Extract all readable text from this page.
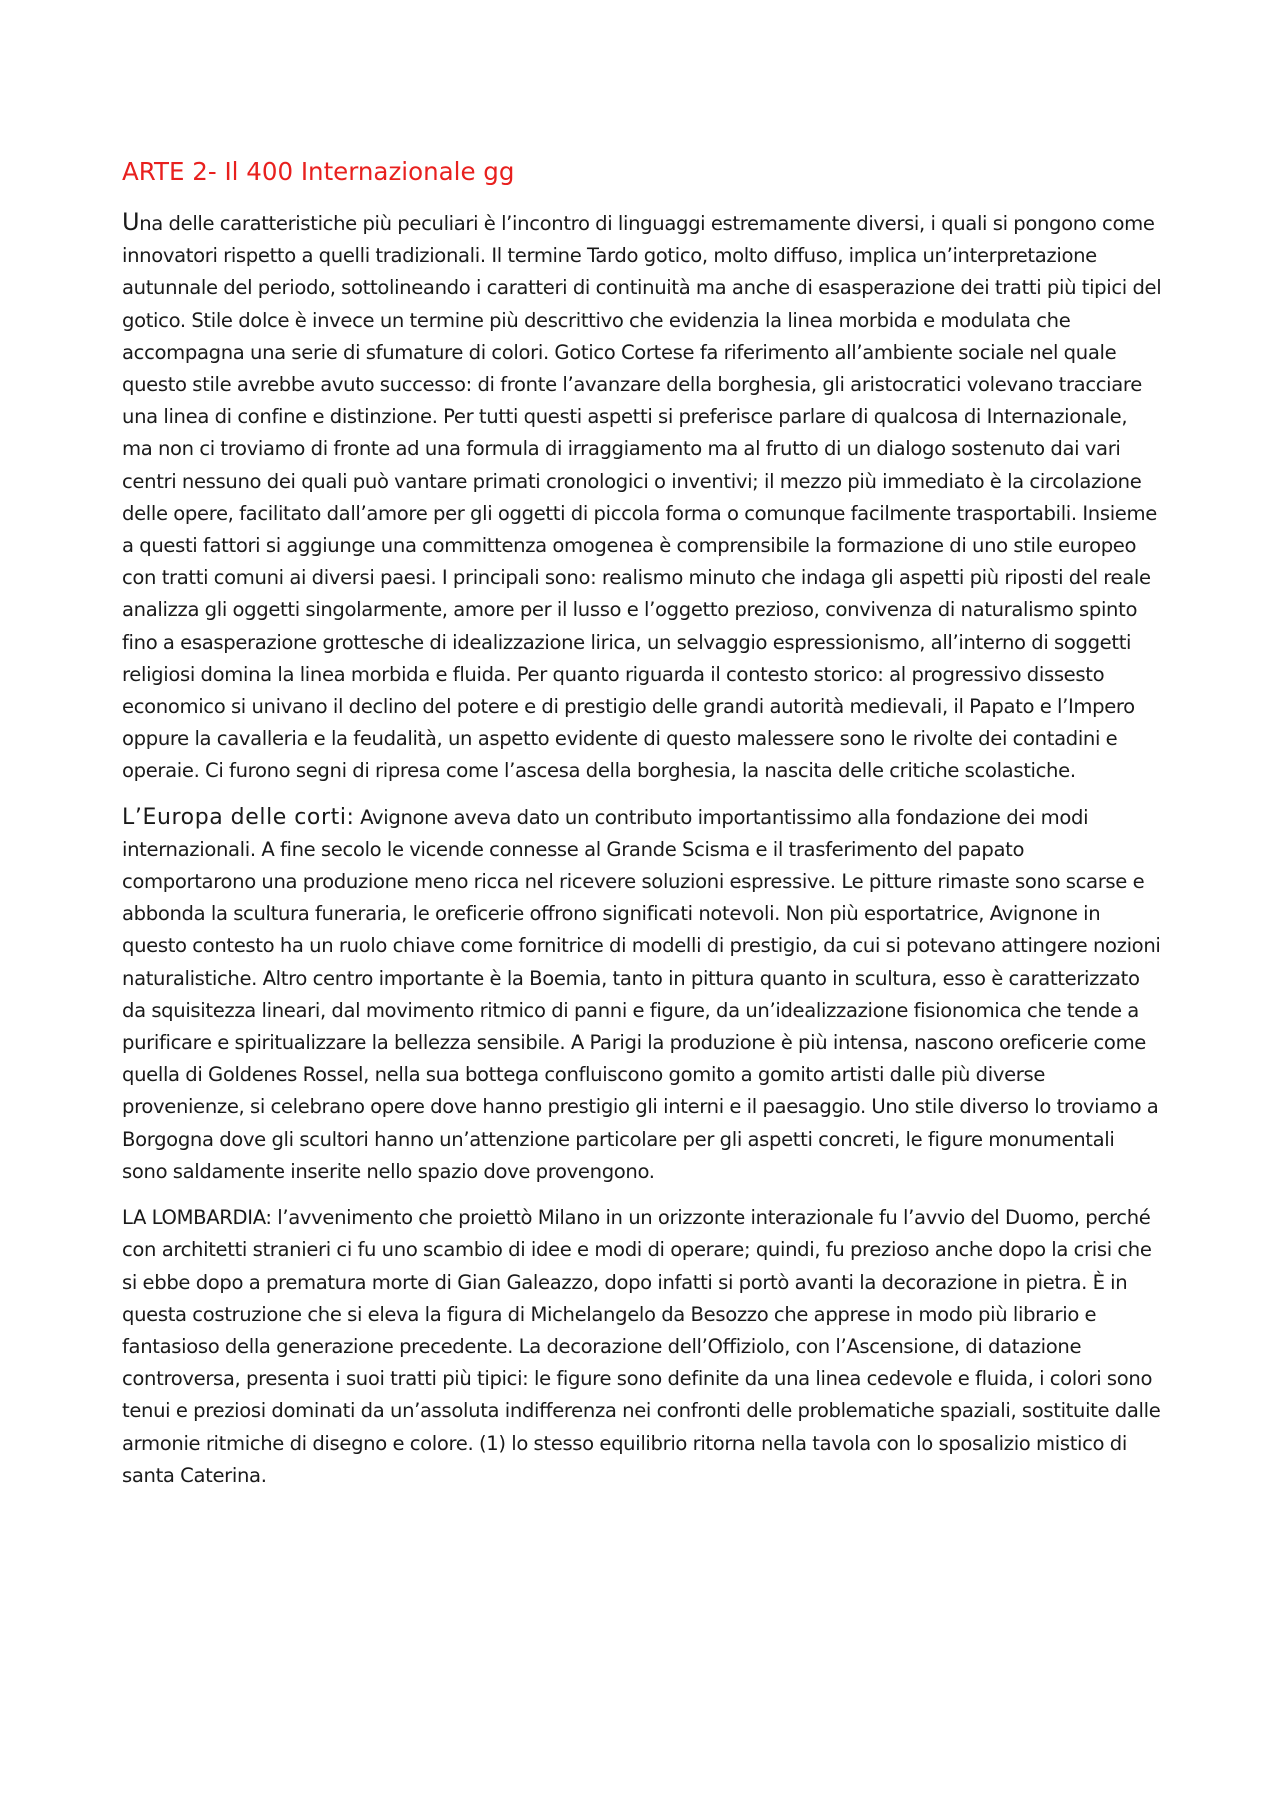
ARTE 2- Il 400 Internazionale gg

Una delle caratteristiche più peculiari è l’incontro di linguaggi estremamente diversi, i quali si pongono come innovatori rispetto a quelli tradizionali. Il termine Tardo gotico, molto diffuso, implica un’interpretazione autunnale del periodo, sottolineando i caratteri di continuità ma anche di esasperazione dei tratti più tipici del gotico. Stile dolce è invece un termine più descrittivo che evidenzia la linea morbida e modulata che accompagna una serie di sfumature di colori. Gotico Cortese fa riferimento all’ambiente sociale nel quale questo stile avrebbe avuto successo: di fronte l’avanzare della borghesia, gli aristocratici volevano tracciare una linea di confine e distinzione. Per tutti questi aspetti si preferisce parlare di qualcosa di Internazionale, ma non ci troviamo di fronte ad una formula di irraggiamento ma al frutto di un dialogo sostenuto dai vari centri nessuno dei quali può vantare primati cronologici o inventivi; il mezzo più immediato è la circolazione delle opere, facilitato dall’amore per gli oggetti di piccola forma o comunque facilmente trasportabili. Insieme a questi fattori si aggiunge una committenza omogenea è comprensibile la formazione di uno stile europeo con tratti comuni ai diversi paesi. I principali sono: realismo minuto che indaga gli aspetti più riposti del reale analizza gli oggetti singolarmente, amore per il lusso e l’oggetto prezioso, convivenza di naturalismo spinto fino a esasperazione grottesche di idealizzazione lirica, un selvaggio espressionismo, all’interno di soggetti religiosi domina la linea morbida e fluida. Per quanto riguarda il contesto storico: al progressivo dissesto economico si univano il declino del potere e di prestigio delle grandi autorità medievali, il Papato e l’Impero oppure la cavalleria e la feudalità, un aspetto evidente di questo malessere sono le rivolte dei contadini e operaie. Ci furono segni di ripresa come l’ascesa della borghesia, la nascita delle critiche scolastiche.

L’Europa delle corti: Avignone aveva dato un contributo importantissimo alla fondazione dei modi internazionali. A fine secolo le vicende connesse al Grande Scisma e il trasferimento del papato comportarono una produzione meno ricca nel ricevere soluzioni espressive. Le pitture rimaste sono scarse e abbonda la scultura funeraria, le oreficerie offrono significati notevoli. Non più esportatrice, Avignone in questo contesto ha un ruolo chiave come fornitrice di modelli di prestigio, da cui si potevano attingere nozioni naturalistiche. Altro centro importante è la Boemia, tanto in pittura quanto in scultura, esso è caratterizzato da squisitezza lineari, dal movimento ritmico di panni e figure, da un’idealizzazione fisionomica che tende a purificare e spiritualizzare la bellezza sensibile. A Parigi la produzione è più intensa, nascono oreficerie come quella di Goldenes Rossel, nella sua bottega confluiscono gomito a gomito artisti dalle più diverse provenienze, si celebrano opere dove hanno prestigio gli interni e il paesaggio. Uno stile diverso lo troviamo a Borgogna dove gli scultori hanno un’attenzione particolare per gli aspetti concreti, le figure monumentali sono saldamente inserite nello spazio dove provengono.

LA LOMBARDIA: l’avvenimento che proiettò Milano in un orizzonte interazionale fu l’avvio del Duomo, perché con architetti stranieri ci fu uno scambio di idee e modi di operare; quindi, fu prezioso anche dopo la crisi che si ebbe dopo a prematura morte di Gian Galeazzo, dopo infatti si portò avanti la decorazione in pietra. È in questa costruzione che si eleva la figura di Michelangelo da Besozzo che apprese in modo più librario e fantasioso della generazione precedente. La decorazione dell’Offiziolo, con l’Ascensione, di datazione controversa, presenta i suoi tratti più tipici: le figure sono definite da una linea cedevole e fluida, i colori sono tenui e preziosi dominati da un’assoluta indifferenza nei confronti delle problematiche spaziali, sostituite dalle armonie ritmiche di disegno e colore. (1) lo stesso equilibrio ritorna nella tavola con lo sposalizio mistico di santa Caterina.
